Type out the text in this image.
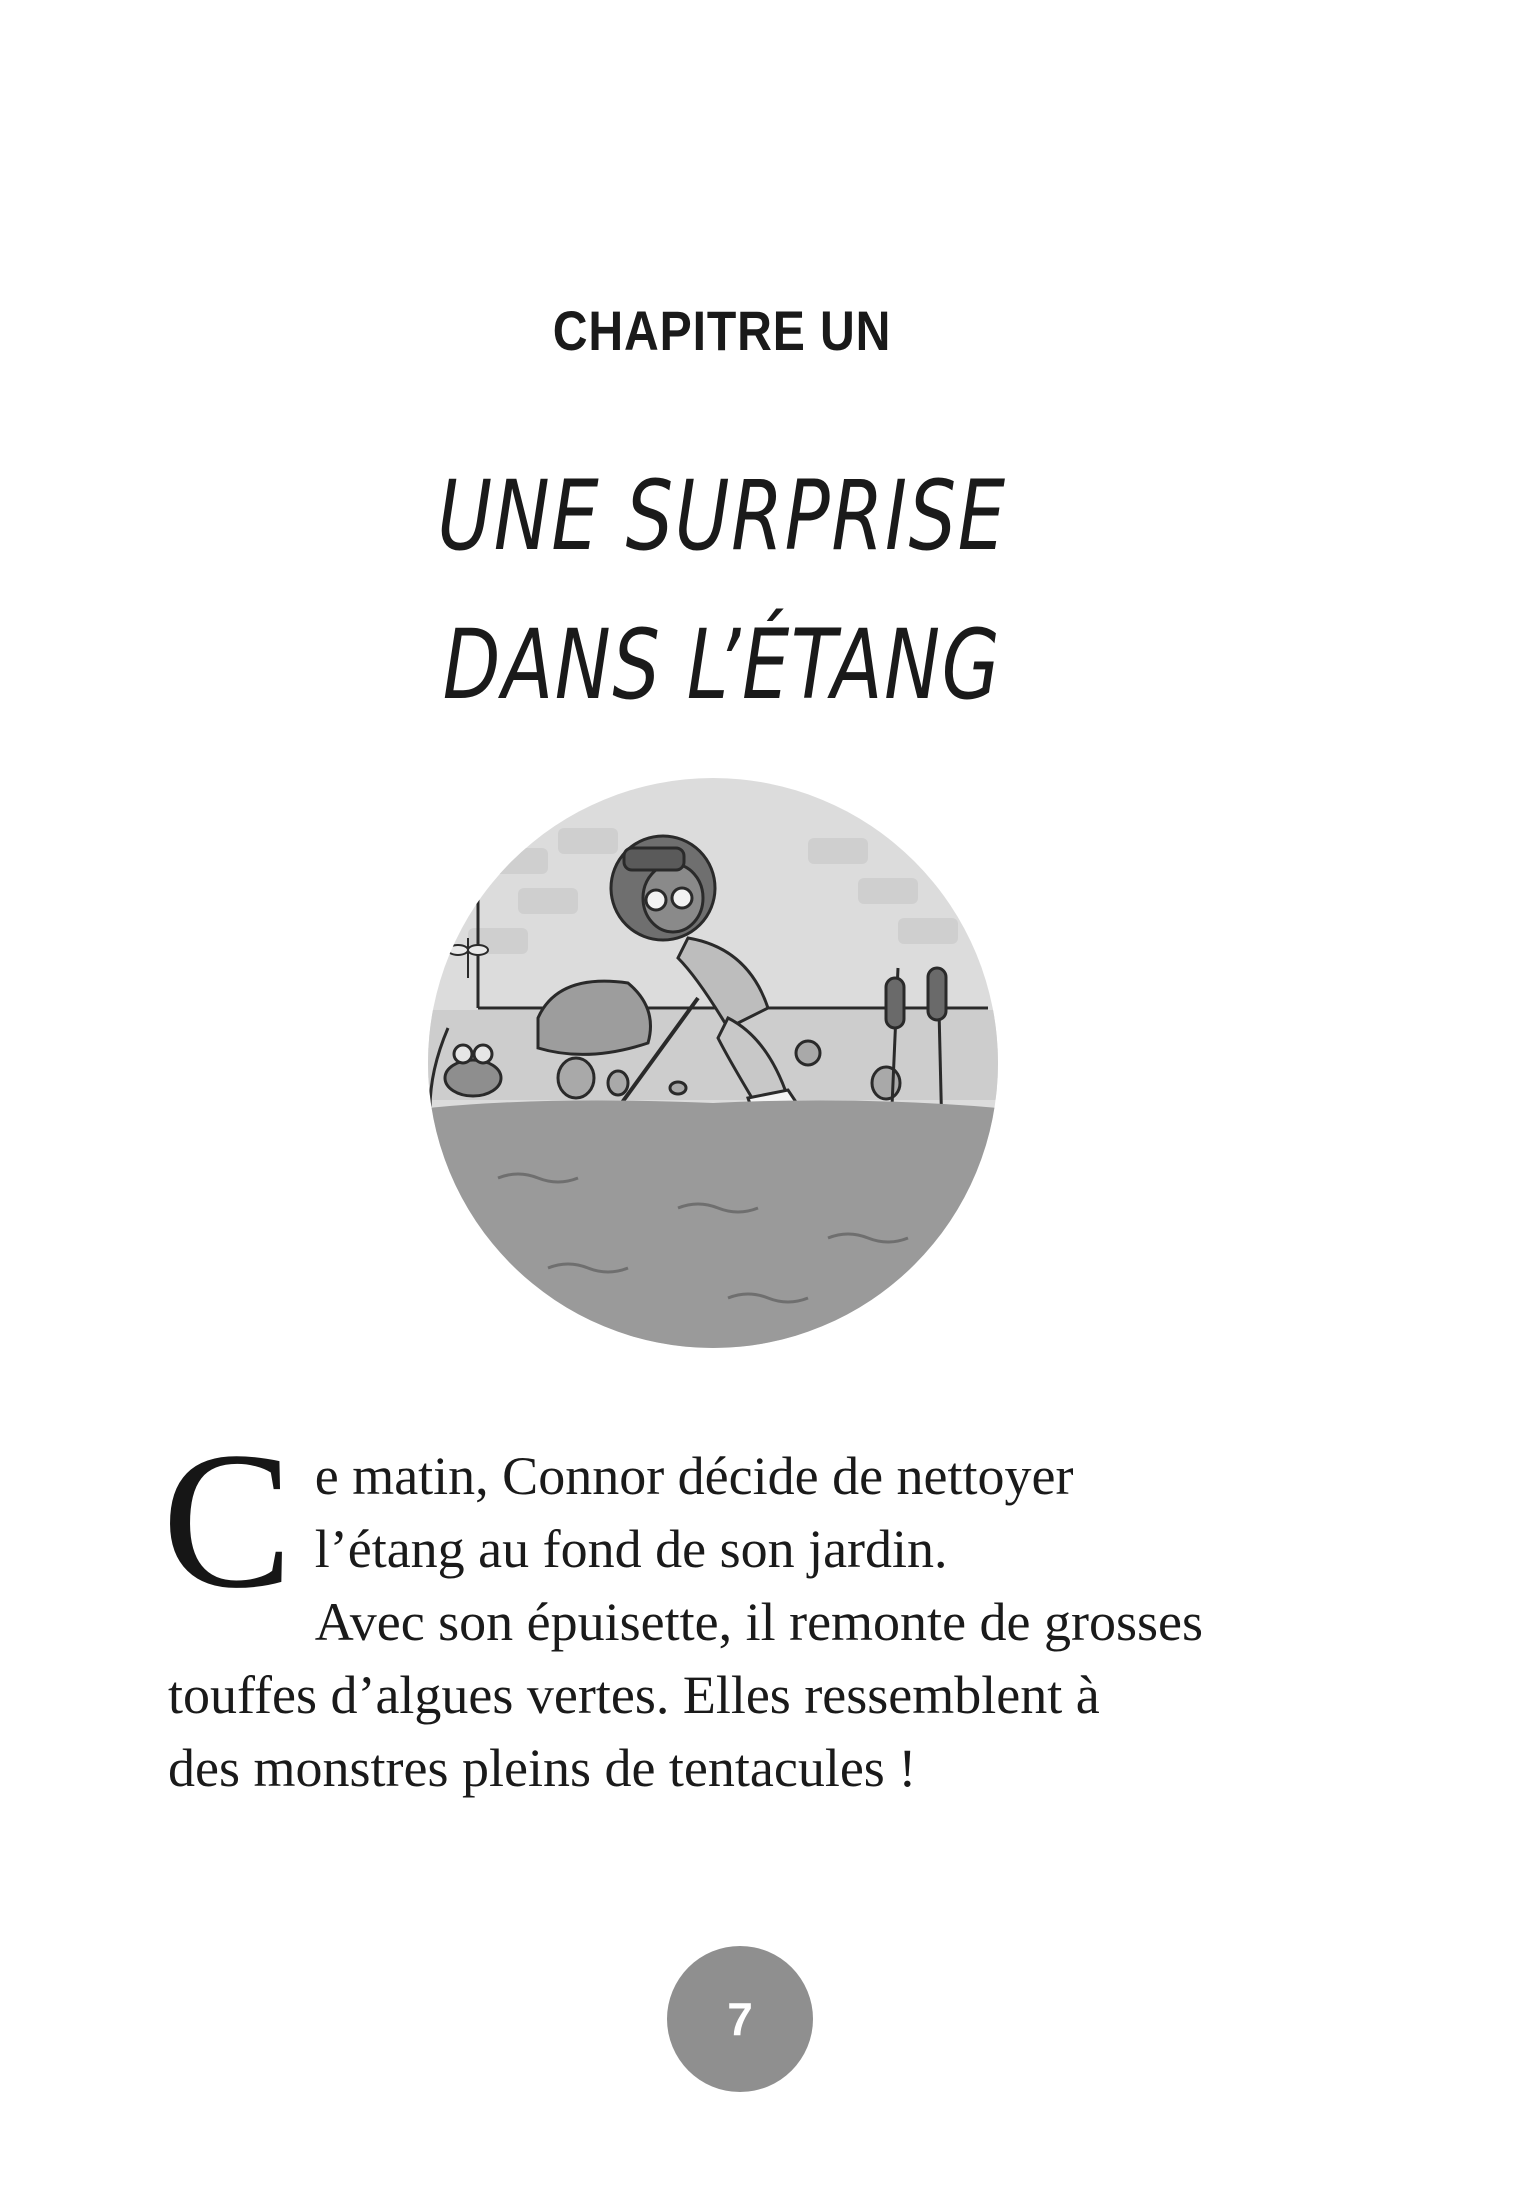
CHAPITRE UN
UNE SURPRISE
DANS L’ÉTANG
C e matin, Connor décide de nettoyer
l’étang au fond de son jardin.
Avec son épuisette, il remonte de grosses
touffes d’algues vertes. Elles ressemblent à
des monstres pleins de tentacules !
7
